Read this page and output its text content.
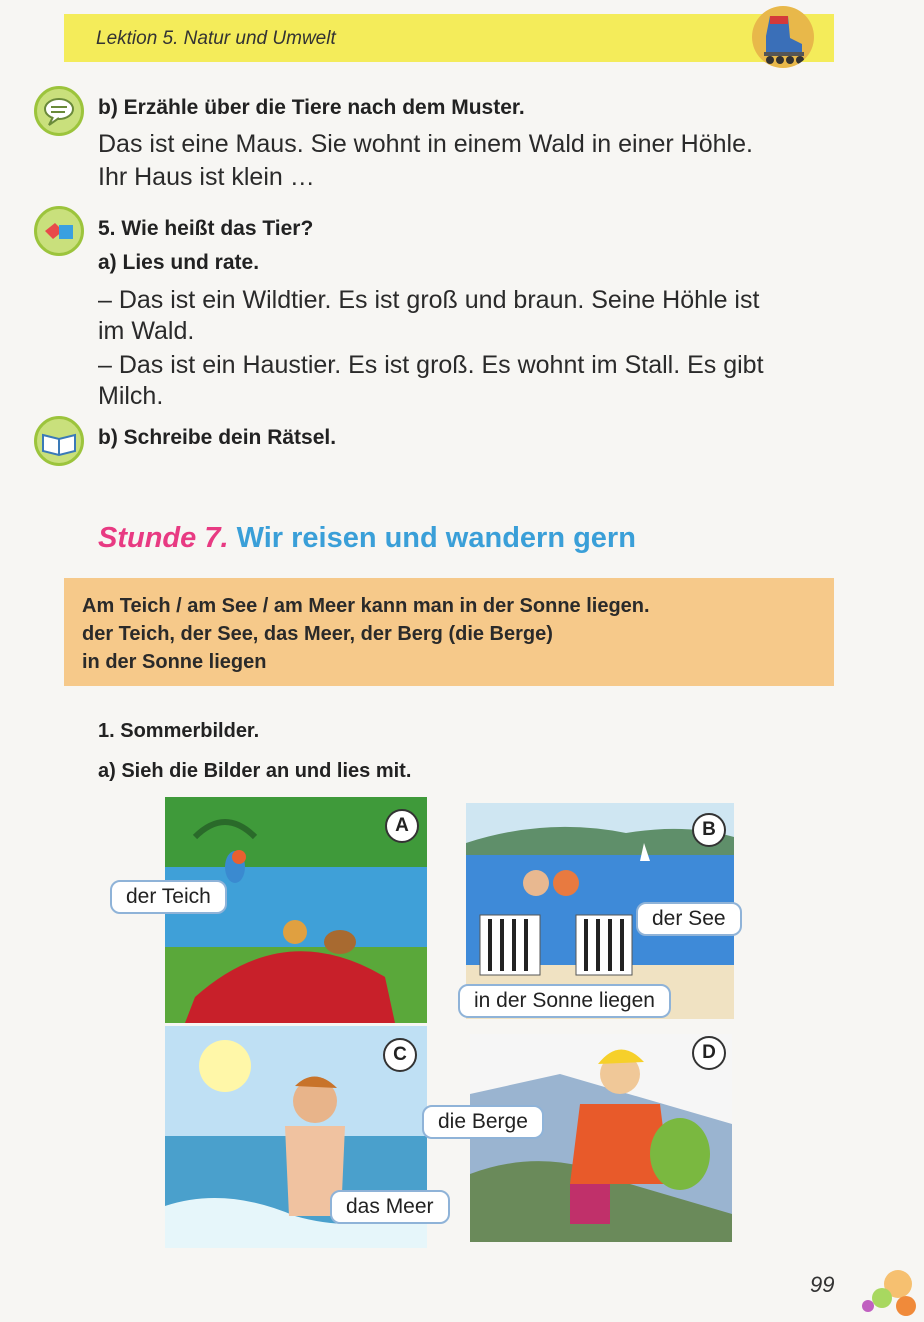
Lektion 5. Natur und Umwelt
b) Erzähle über die Tiere nach dem Muster.
Das ist eine Maus. Sie wohnt in einem Wald in einer Höhle.
Ihr Haus ist klein …
5. Wie heißt das Tier?
a) Lies und rate.
– Das ist ein Wildtier. Es ist groß und braun. Seine Höhle ist
im Wald.
– Das ist ein Haustier. Es ist groß. Es wohnt im Stall. Es gibt
Milch.
b) Schreibe dein Rätsel.
Stunde 7. Wir reisen und wandern gern
Am Teich / am See / am Meer kann man in der Sonne liegen.
der Teich, der See, das Meer, der Berg (die Berge)
in der Sonne liegen
1. Sommerbilder.
a) Sieh die Bilder an und lies mit.
A
der Teich
B
der See
in der Sonne liegen
C
das Meer
D
die Berge
99
